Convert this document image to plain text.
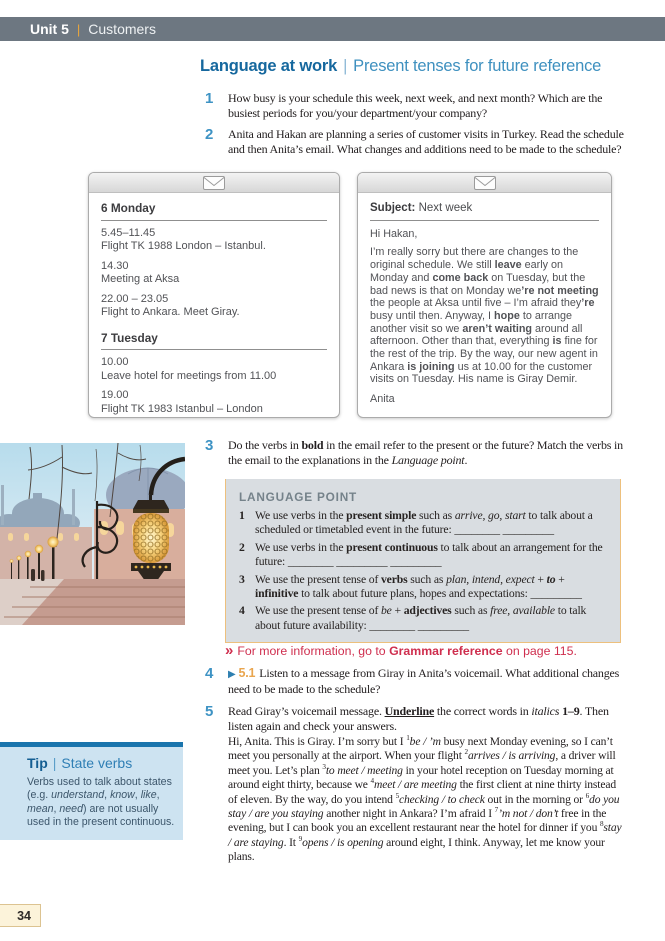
Unit 5 | Customers
Language at work | Present tenses for future reference
1	How busy is your schedule this week, next week, and next month? Which are the busiest periods for you/your department/your company?

2	Anita and Hakan are planning a series of customer visits in Turkey. Read the schedule and then Anita’s email. What changes and additions need to be made to the schedule?

6 Monday
5.45–11.45
Flight TK 1988 London – Istanbul.
14.30
Meeting at Aksa
22.00 – 23.05
Flight to Ankara. Meet Giray.
7 Tuesday
10.00
Leave hotel for meetings from 11.00
19.00
Flight TK 1983 Istanbul – London
Subject: Next week

Hi Hakan,

I’m really sorry but there are changes to the original schedule. We still leave early on Monday and come back on Tuesday, but the bad news is that on Monday we’re not meeting the people at Aksa until five – I’m afraid they’re busy until then. Anyway, I hope to arrange another visit so we aren’t waiting around all afternoon. Other than that, everything is fine for the rest of the trip. By the way, our new agent in Ankara is joining us at 10.00 for the customer visits on Tuesday. His name is Giray Demir.

Anita

3	Do the verbs in bold in the email refer to the present or the future? Match the verbs in the email to the explanations in the Language point.

LANGUAGE POINT
1 We use verbs in the present simple such as arrive, go, start to talk about a scheduled or timetabled event in the future: ________ _________

2 We use verbs in the present continuous to talk about an arrangement for the future: ________ _________ _________

3 We use the present tense of verbs such as plan, intend, expect + to + infinitive to talk about future plans, hopes and expectations: _________

4 We use the present tense of be + adjectives such as free, available to talk about future availability: ________ _________

» For more information, go to Grammar reference on page 115.
4	▶ 5.1 Listen to a message from Giray in Anita’s voicemail. What additional changes need to be made to the schedule?

5	Read Giray’s voicemail message. Underline the correct words in italics 1–9. Then listen again and check your answers.

Hi, Anita. This is Giray. I’m sorry but I $^1$be / ’m busy next Monday evening, so I can’t meet you personally at the airport. When your flight $^2$arrives / is arriving, a driver will meet you. Let’s plan $^3$to meet / meeting in your hotel reception on Tuesday morning at around eight thirty, because we $^4$meet / are meeting the first client at nine thirty instead of eleven. By the way, do you intend $^5$checking / to check out in the morning or $^6$do you stay / are you staying another night in Ankara? I’m afraid I $^7$’m not / don’t free in the evening, but I can book you an excellent restaurant near the hotel for dinner if you $^8$stay / are staying. It $^9$opens / is opening around eight, I think. Anyway, let me know your plans.

Tip | State verbs

Verbs used to talk about states (e.g. understand, know, like, mean, need) are not usually used in the present continuous.

34
